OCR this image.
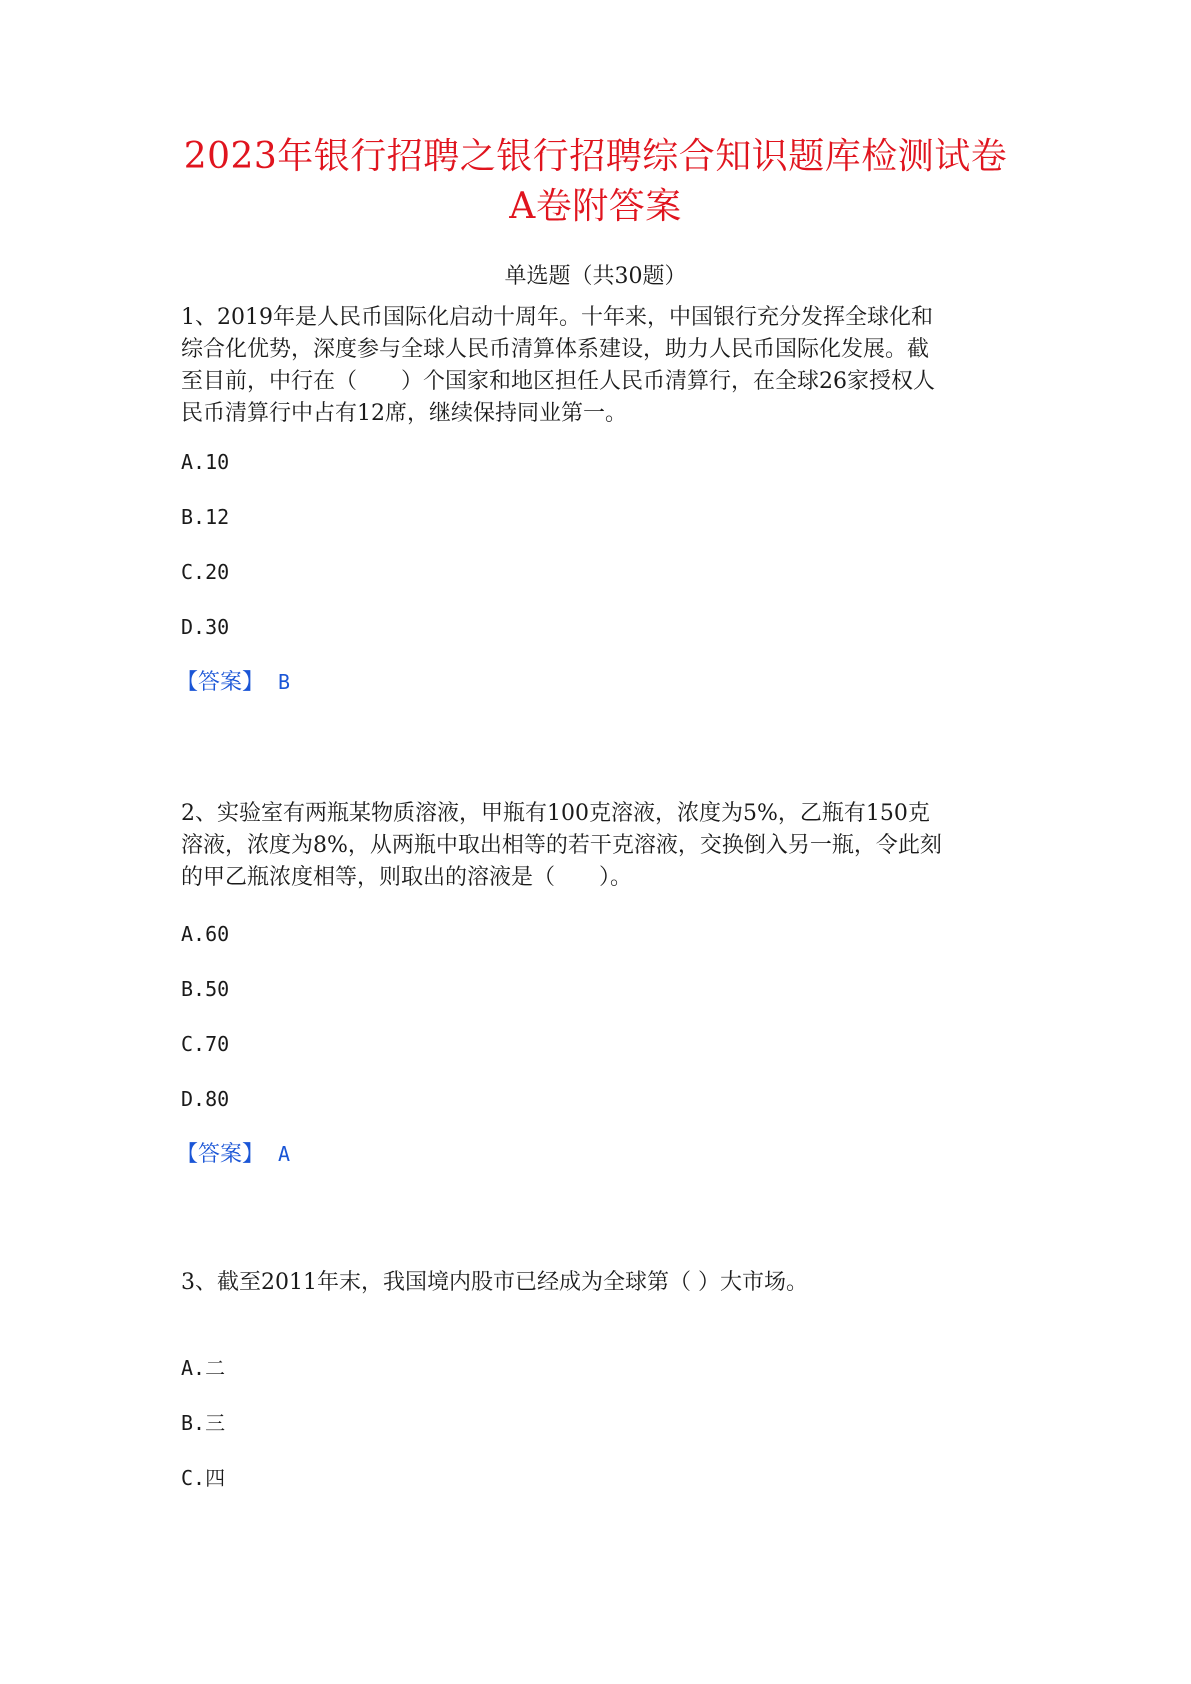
2023年银行招聘之银行招聘综合知识题库检测试卷
A卷附答案
单选题（共30题）
1、2019年是人民币国际化启动十周年。十年来，中国银行充分发挥全球化和
综合化优势，深度参与全球人民币清算体系建设，助力人民币国际化发展。截
至目前，中行在（　　）个国家和地区担任人民币清算行，在全球26家授权人
民币清算行中占有12席，继续保持同业第一。
A.10
B.12
C.20
D.30
【答案】 B
2、实验室有两瓶某物质溶液，甲瓶有100克溶液，浓度为5%，乙瓶有150克
溶液，浓度为8%，从两瓶中取出相等的若干克溶液，交换倒入另一瓶，令此刻
的甲乙瓶浓度相等，则取出的溶液是（　　）。
A.60
B.50
C.70
D.80
【答案】 A
3、截至2011年末，我国境内股市已经成为全球第（ ）大市场。
A.二
B.三
C.四
